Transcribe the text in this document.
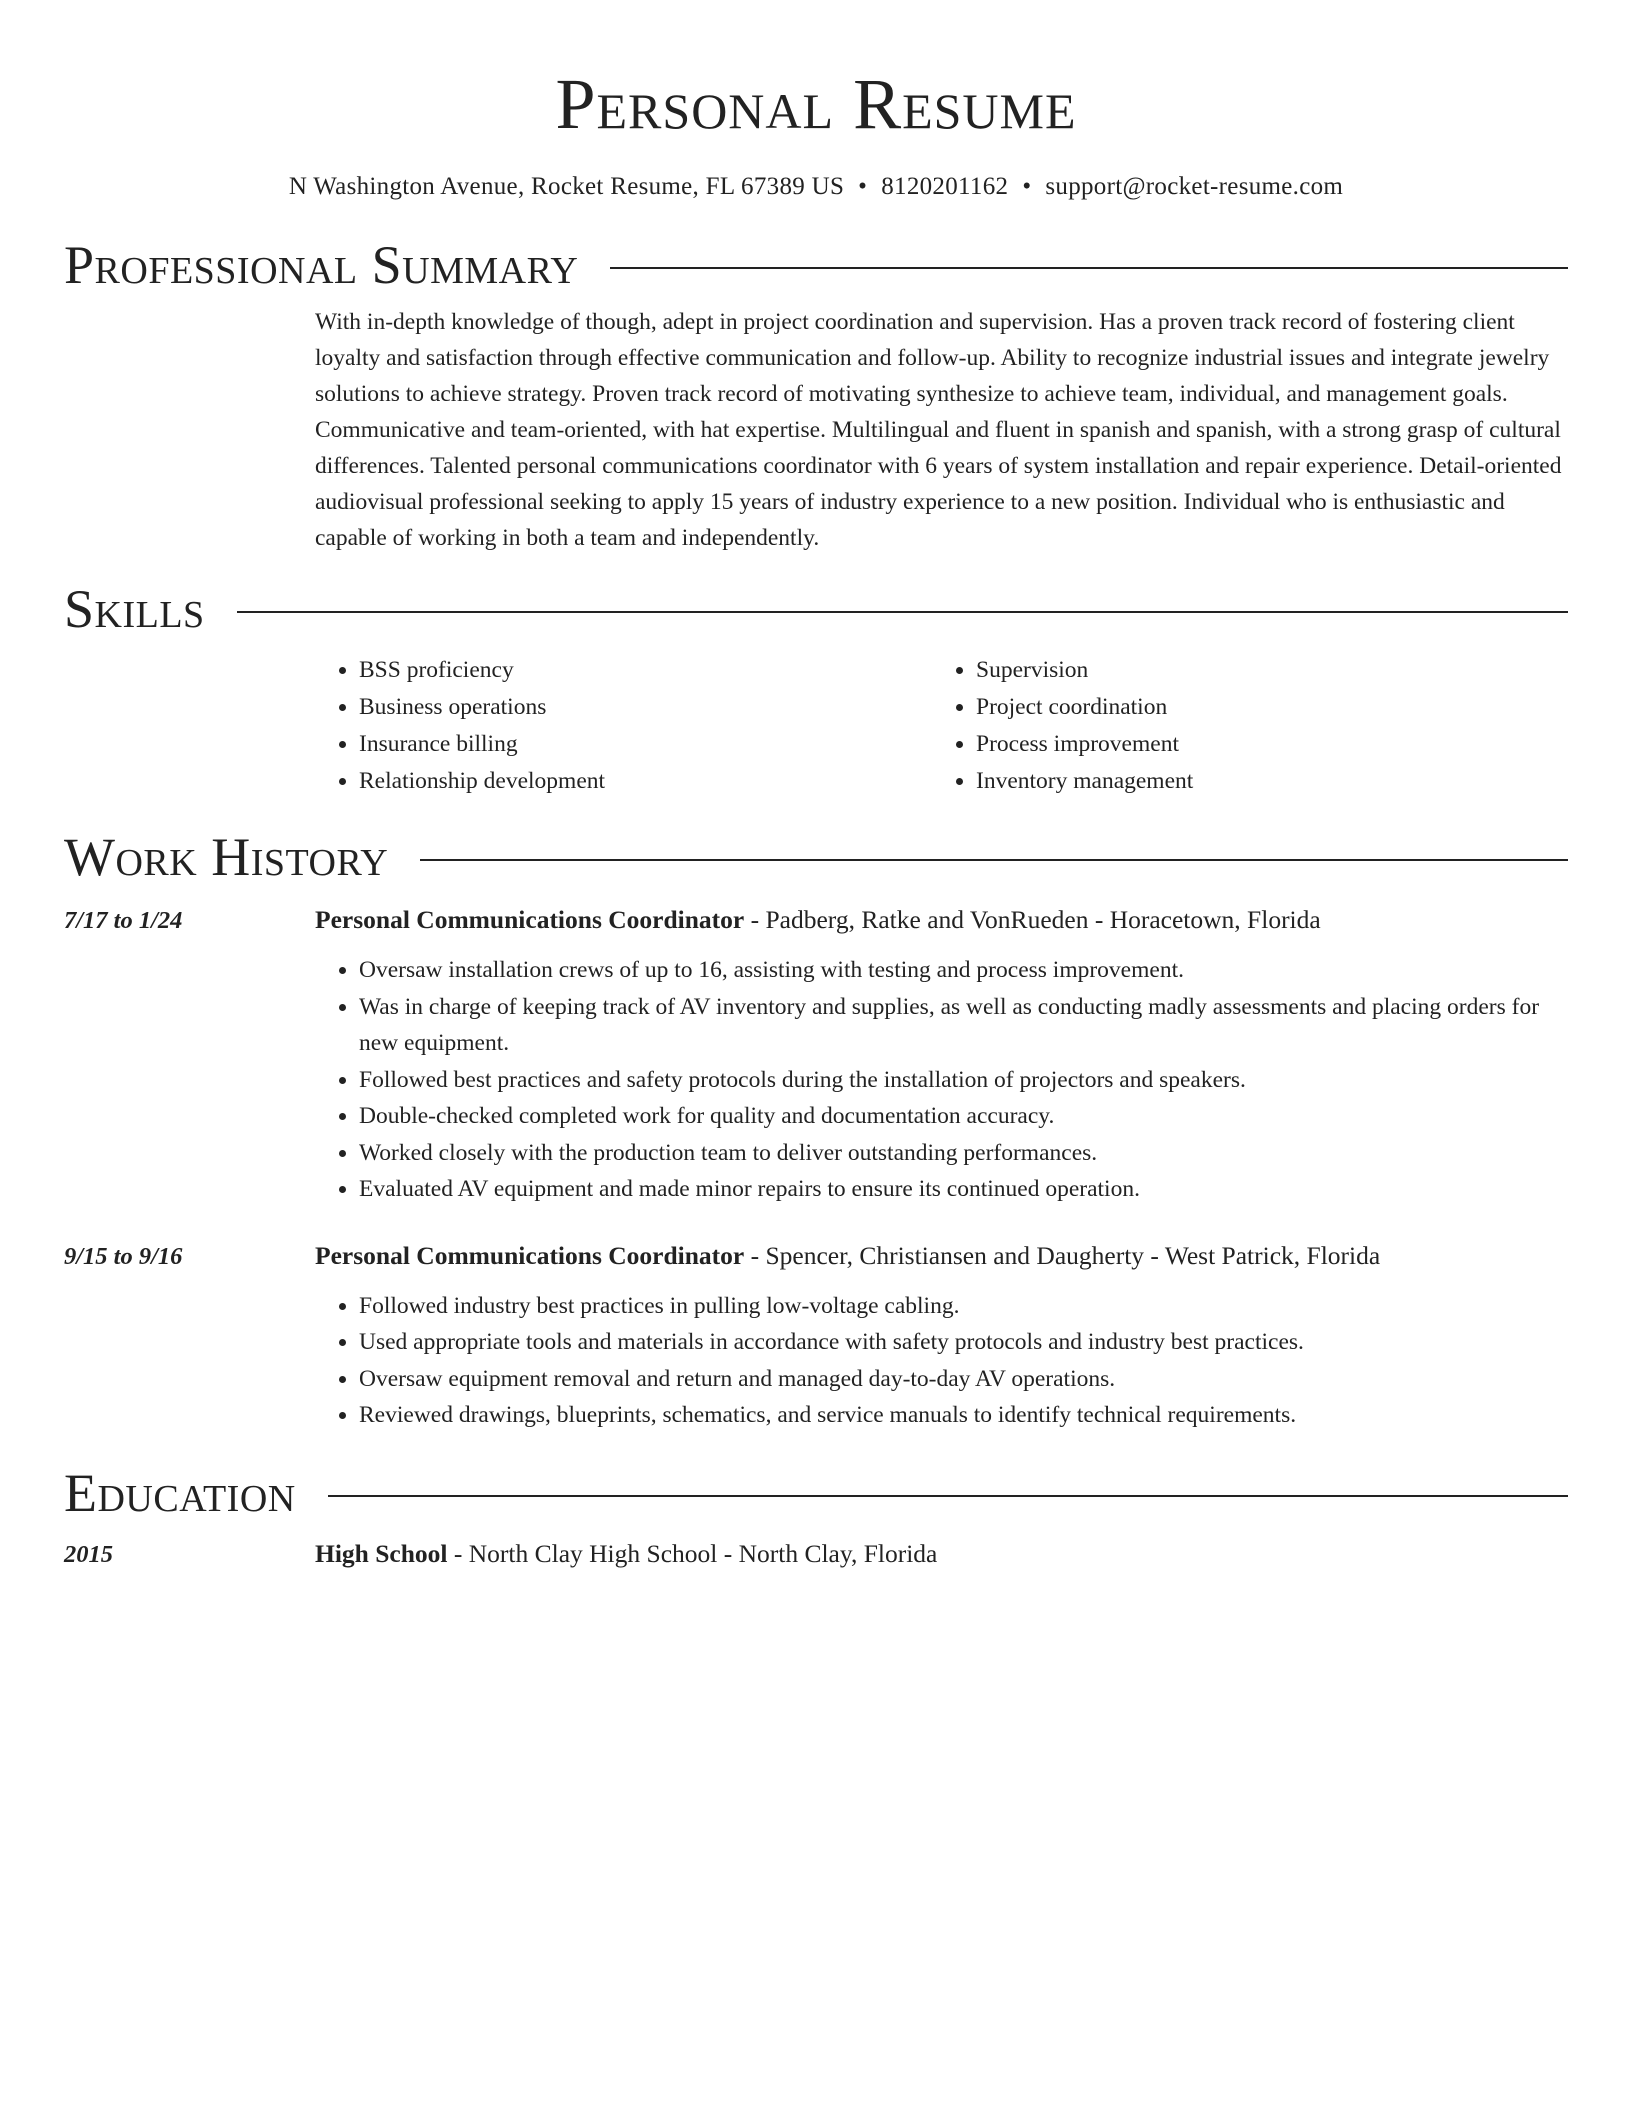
Personal Resume
N Washington Avenue, Rocket Resume, FL 67389 US • 8120201162 • support@rocket-resume.com
Professional Summary

With in-depth knowledge of though, adept in project coordination and supervision. Has a proven track record of fostering client loyalty and satisfaction through effective communication and follow-up. Ability to recognize industrial issues and integrate jewelry solutions to achieve strategy. Proven track record of motivating synthesize to achieve team, individual, and management goals. Communicative and team-oriented, with hat expertise. Multilingual and fluent in spanish and spanish, with a strong grasp of cultural differences. Talented personal communications coordinator with 6 years of system installation and repair experience. Detail-oriented audiovisual professional seeking to apply 15 years of industry experience to a new position. Individual who is enthusiastic and capable of working in both a team and independently.

Skills
• BSS proficiency
• Business operations
• Insurance billing
• Relationship development
• Supervision
• Project coordination
• Process improvement
• Inventory management
Work History
7/17 to 1/24	Personal Communications Coordinator - Padberg, Ratke and VonRueden - Horacetown, Florida
• Oversaw installation crews of up to 16, assisting with testing and process improvement.
• Was in charge of keeping track of AV inventory and supplies, as well as conducting madly assessments and placing orders for new equipment.
• Followed best practices and safety protocols during the installation of projectors and speakers.
• Double-checked completed work for quality and documentation accuracy.
• Worked closely with the production team to deliver outstanding performances.
• Evaluated AV equipment and made minor repairs to ensure its continued operation.
9/15 to 9/16	Personal Communications Coordinator - Spencer, Christiansen and Daugherty - West Patrick, Florida
• Followed industry best practices in pulling low-voltage cabling.
• Used appropriate tools and materials in accordance with safety protocols and industry best practices.
• Oversaw equipment removal and return and managed day-to-day AV operations.
• Reviewed drawings, blueprints, schematics, and service manuals to identify technical requirements.
Education
2015	High School - North Clay High School - North Clay, Florida
